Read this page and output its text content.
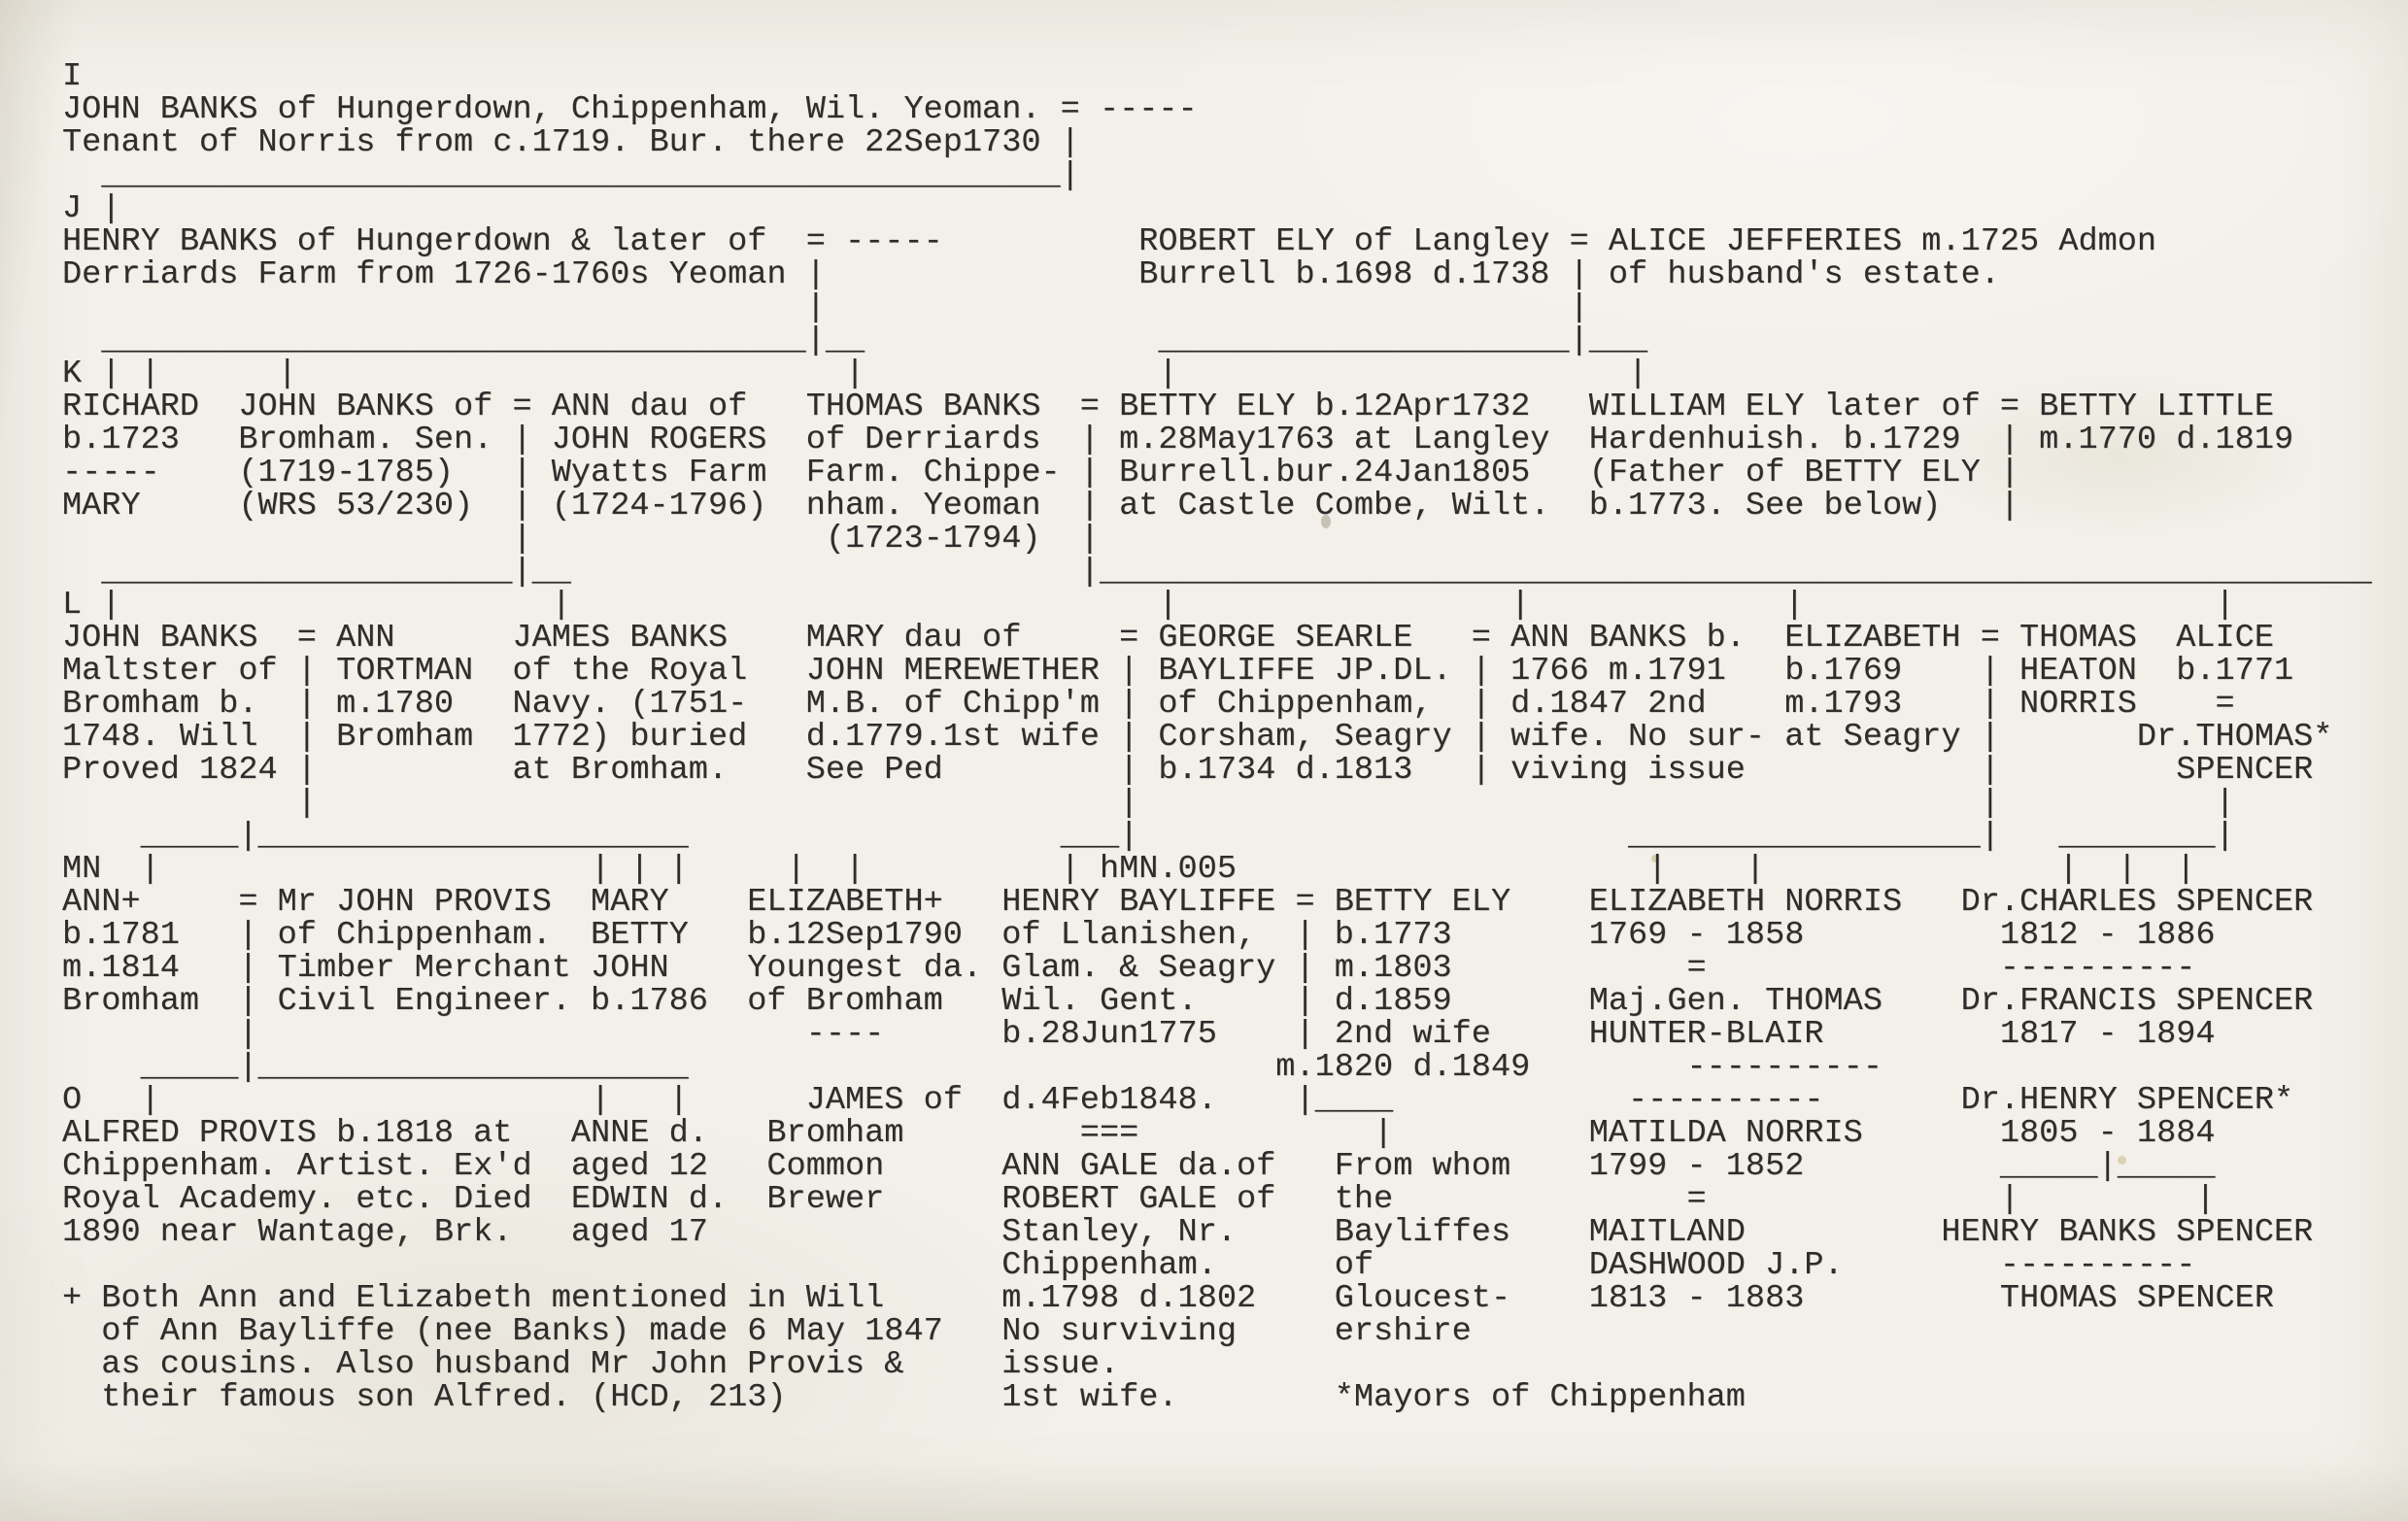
I
JOHN BANKS of Hungerdown, Chippenham, Wil. Yeoman. = -----
Tenant of Norris from c.1719. Bur. there 22Sep1730 |
_________________________________________________|
J |
HENRY BANKS of Hungerdown & later of  = -----          ROBERT ELY of Langley = ALICE JEFFERIES m.1725 Admon
Derriards Farm from 1726-1760s Yeoman |                Burrell b.1698 d.1738 | of husband's estate.
|                                      |
____________________________________|__               _____________________|___
K | |      |                            |               |                       |
RICHARD  JOHN BANKS of = ANN dau of   THOMAS BANKS  = BETTY ELY b.12Apr1732   WILLIAM ELY later of = BETTY LITTLE
b.1723   Bromham. Sen. | JOHN ROGERS  of Derriards  | m.28May1763 at Langley  Hardenhuish. b.1729  | m.1770 d.1819
-----    (1719-1785)   | Wyatts Farm  Farm. Chippe- | Burrell.bur.24Jan1805   (Father of BETTY ELY |
MARY     (WRS 53/230)  | (1724-1796)  nham. Yeoman  | at Castle Combe, Wilt.  b.1773. See below)   |
|               (1723-1794)  |
_____________________|__                          |_________________________________________________________________
L |                      |                              |                 |             |                     |
JOHN BANKS  = ANN      JAMES BANKS    MARY dau of     = GEORGE SEARLE   = ANN BANKS b.  ELIZABETH = THOMAS  ALICE
Maltster of | TORTMAN  of the Royal   JOHN MEREWETHER | BAYLIFFE JP.DL. | 1766 m.1791   b.1769    | HEATON  b.1771
Bromham b.  | m.1780   Navy. (1751-   M.B. of Chipp'm | of Chippenham,  | d.1847 2nd    m.1793    | NORRIS    =
1748. Will  | Bromham  1772) buried   d.1779.1st wife | Corsham, Seagry | wife. No sur- at Seagry |       Dr.THOMAS*
Proved 1824 |          at Bromham.    See Ped         | b.1734 d.1813   | viving issue            |         SPENCER
|                                         |                                           |           |
_____|______________________                   ___|                         __________________|   ________|
MN  |                      | | |     |  |          | hMN.005                     |    |               |  |  |
ANN+     = Mr JOHN PROVIS  MARY    ELIZABETH+   HENRY BAYLIFFE = BETTY ELY    ELIZABETH NORRIS   Dr.CHARLES SPENCER
b.1781   | of Chippenham.  BETTY   b.12Sep1790  of Llanishen,  | b.1773       1769 - 1858          1812 - 1886
m.1814   | Timber Merchant JOHN    Youngest da. Glam. & Seagry | m.1803            =               ----------
Bromham  | Civil Engineer. b.1786  of Bromham   Wil. Gent.     | d.1859       Maj.Gen. THOMAS    Dr.FRANCIS SPENCER
|                            ----      b.28Jun1775    | 2nd wife     HUNTER-BLAIR         1817 - 1894
_____|______________________                              m.1820 d.1849        ----------
O   |                      |   |      JAMES of  d.4Feb1848.    |____            ----------       Dr.HENRY SPENCER*
ALFRED PROVIS b.1818 at   ANNE d.   Bromham         ===            |          MATILDA NORRIS       1805 - 1884
Chippenham. Artist. Ex'd  aged 12   Common      ANN GALE da.of   From whom    1799 - 1852          _____|_____
Royal Academy. etc. Died  EDWIN d.  Brewer      ROBERT GALE of   the               =               |         |
1890 near Wantage, Brk.   aged 17               Stanley, Nr.     Bayliffes    MAITLAND          HENRY BANKS SPENCER
Chippenham.      of           DASHWOOD J.P.        ----------
+ Both Ann and Elizabeth mentioned in Will      m.1798 d.1802    Gloucest-    1813 - 1883          THOMAS SPENCER
of Ann Bayliffe (nee Banks) made 6 May 1847   No surviving     ershire
as cousins. Also husband Mr John Provis &     issue.
their famous son Alfred. (HCD, 213)           1st wife.        *Mayors of Chippenham
